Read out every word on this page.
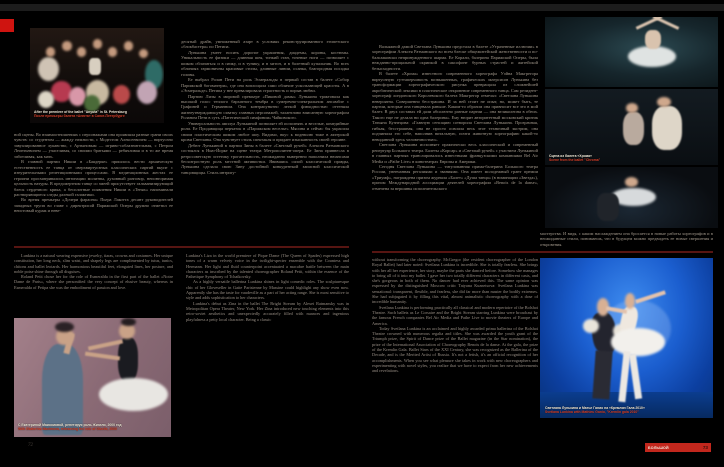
After the premiere of the ballet "Anyuta" in St. Petersburg
После премьеры балета «Анюта» в Санкт-Петербурге

ной сцены. Во взаимоотношениях с персонажами она проявляла разные грани своих чувств: со студентом — жажду нежности, с Модестом Алексеевичем — виртуозно завуалированное лукавство, с Артыновым — игриво-соблазнительная, с Петром Леонтьевичем — участливая, со своими братьями — ребячливая и в то же время заботливая, как мать.

В главной партии Никии в «Баядерке» пришлось вести архаическую естественность ее танца от сверхвиртуозных классических партий вкупе с изнурительными репетиционными процессами. В медитационных жестах ее героини просматривались интонации молитвы, духовный разговор, неповторимая цельность натуры. В предсмертном танце со змеей присутствует гальванизирующий блеск сердечного крика, а бесплотные появления Никии в «Тенях» напоминали растворяющиеся следы далекой галактики.

Во время премьеры «Дочери фараона» Пьера Лакотта десант руководителей западных трупп во главе с директрисой Парижской Оперы дружно отметил ее неистовый кураж и неве-

десятый драйв, умноженный азарт в условиях реконструированного египетского «блокбастера» по Петипа.

Лунькина умеет носить дорогие украшения, диадемы, короны, костюмы. Уникальность ее физики — длинная шея, тонкий стан, точеные ноги — позволяет с шиком облачаться и в пачку, и в тунику, и в хитон, и в балетный купальник. Во всех обличиях гармоничны красивые стопы, длинные линии, осанка, благородная посадка головы.

Ее выбрал Ролан Пети на роль Эсмеральды в первый состав в балете «Собор Парижской богоматери», где она воплощала само обличие ускользающей красоты. А в «Эсмеральде» Петипа у нее превалировала страстность и порыв любви.

Партию Лизы в мировой премьере «Пиковой дамы» Лунькина трактовала как высокий голос теплого бархатного тембра в сумеречно-спектральном ансамбле с Графиней и Германном. Она контрапунктно легкой флюидностью оттеняла жизнеутверждающую схватку главных персонажей, талантливо вписанную хореографом Роланом Пети в суть «Патетической симфонии» Чайковского.

Универсальность амплуа Лунькиной позволяет ей исполнять и веселые, комедийные роли. Ее Продавщица перчаток в «Парижском веселье» Мясина и сейчас бы украсила своим пластическим шиком любое шоу. Видимо, вкус к водевилю тоже в актерской крови Светланы. Она чувствует стиль спектакля и придает изысканность своей героине.

Дебют Лунькиной в партии Зины в балете «Светлый ручей» Алексея Ратманского состоялся в Нью-Йорке на сцене театра Метрополитен-опера. Ее Зина привнесла в ретросоветскую эстетику трогательность, неожиданно выверенно наполнила нюансами бесхитростную роль местной активистки. Явившись силой классической правды, Лунькина сделала свою Зину достойной конкуренткой записной классической танцовщицы. Стиль интригу-

Lunkina is a natural wearing expensive jewelry, tiaras, crowns and costumes. Her unique constitution, her long neck, slim waist, and shapely legs are complimented by tutus, tunics, chitons and ballet leotards. Her harmonious beautiful feet, elongated lines, her posture, and noble poise shine through all disguises.

Roland Petit chose her for the role of Esmeralda in the first part of the ballet «Notre Dame de Paris», where she personified the very concept of elusive beauty, whereas in Esmeralda of Petipa she was the embodiment of passion and love.

Lunkina's Liza in the world premiere of Pique Dame (The Queen of Spades) expressed high tones of a warm velvety voice in the twilight-specter ensemble with the Countess and Hermann. Her light and fluid counterpoint accentuated a macabre battle between the main characters as inscribed by the talented choreographer Roland Petit, within the essence of the Pathetique Symphony of Tchaikovsky.

As a highly versatile ballerina Lunkina shines in light comedic roles. The sculpturesque chic of her Gloveseller in Gaite Parisienne by Massine could highlight any show even now. Apparently she has the taste for vaudeville as a part of her acting range. She is most sensitive to style and adds sophistication to her characters.

Lunkina's debut as Zina in the ballet The Bright Stream by Alexei Ratmansky was in Metropolitan Opera Theater, New York. Her Zina introduced new touching elements into this retro-soviet aesthetics and unexpectedly accurately filled with nuances and ingenious playfulness a petty local character. Being a classic

С Екатериной Максимовой, репетируя роль Жизели, 2000 год
With Ekaterina Maximova, rehearsing the role of Giselle, 2000
72

Вальяжной дамой Светлана Лунькина предстала в балете «Утраченные иллюзии» в хореографии Алексея Ратманского во всем блеске общежитейской женственности и по-бальзаковски непринужденного шарма. Ее Корали, балерина Парижской Оперы, была нежданно-прощальной скрипкой в саксофоне бурных страстей и житейской безысходности.

В балете «Хрома» известного современного хореографа Уэйна Макгрегора виртуозную гуттаперчивость возвышенных, графических экзерсисов Лунькина без трансформации хореографического рисунка превращала из сложнейшей акробатической лексики в пластическое откровение современного танца. Сам резидент-хореограф лондонского Королевского балета Макгрегор отмечал: «Светлана Лунькина невероятна. Совершенно бесстрашна. И за ней стоит не опыт, но, может быть, те партии, которые она танцевала раньше. Каким-то образом она привносит все это в мой балет. В двух составах ей дали абсолютно разные партии — она великолепна в обеих. Такого еще не делала ни одна балерина». Ему вторит авторитетный московский критик Татьяна Кузнецова: «Главную сенсацию сотворила Светлана Лунькина. Прозрачная, гибкая, бесстрашная, она не просто освоила весь этот техничный экстрим, она подчинила его себе, наполнив витальную, почти животную хореографию какой-то невиданной здесь человечностью».

Светлана Лунькина исполняет практически весь классический и современный репертуар Большого театра. Балеты «Корсар» и «Светлый ручей» с участием Лунькиной в главных партиях транслировались известными французскими компаниями Bel Air Media и «Pathe Live» в кинотеатрах Европы и Америки.

Сегодня Светлана Лунькина — титулованная прима-балерина Большого театра России, увенчанная регалиями и званиями. Она имеет молодежный грант премии «Триумф», награждена призом журнала «Балет» «Душа танца» (в номинации «Звезда»), призом Международной ассоциации деятелей хореографии «Benois de la danse», отмечена за вершины исполнительского

Сцена из балета «Хрома»
Scene from the ballet "Chroma"

мастерства. И видя, с каким наслаждением она бросается в новые работы хореографов и в неожиданные стили, понимаешь, что в будущем можно предвидеть ее новые свершения и откровения.

without transforming the choreography. McGregor (the resident choreographer of the London Royal Ballet) had later noted: Svetlana Lunkina is incredible. She is totally fearless. She brings with her all her experience, her story, maybe the parts she danced before. Somehow she manages to bring all of it into my ballet. I gave her two totally different characters in different casts, and she's gorgeous in both of them. No dancer had ever achieved this. The same opinion was expressed by the distinguished Moscow critic Tatyana Kuznetsova: Svetlana Lunkina was sensational: transparent, flexible, and fearless, she did far more than master the bodily extremes. She had subjugated it by filling this vital, almost animalistic choreography with a dose of incredible humanity.

Svetlana Lunkina is performing practically all classical and modern repertoire of the Bolshoi Theatre. Such ballets as Le Corsaire and the Bright Stream starring Lunkina were broadcast by the famous French companies Bel Air Media and Pathe Live to movie theaters of Europe and America.

Today Svetlana Lunkina is an acclaimed and highly awarded prima ballerina of the Bolshoi Theatre crowned with numerous regalia and titles. She was awarded the youth grant of the Triumph prize, the Spirit of Dance prize of the Ballet magazine (in the Star nomination), the prize of the International Association of Choreography Benois de la danse. At the gala, the prize of the Kremlin Gala. Ballet Stars of the XXI Century, she was recognized as the Ballerina of the Decade, and is the Merited Artist of Russia. It's not a fetish, it's an official recognition of her accomplishments. When you see what pleasure she takes in work with new choreographers and experimenting with novel styles, you realize that we have to expect from her new achievements and revelations.

Светлана Лунькина и Матье Ганио на «Кремлин Гала 2010»
Svetlana Lunkina with Mathieu Ganio, "Kremlin gala 2010"
БОЛЬШОЙ	73
